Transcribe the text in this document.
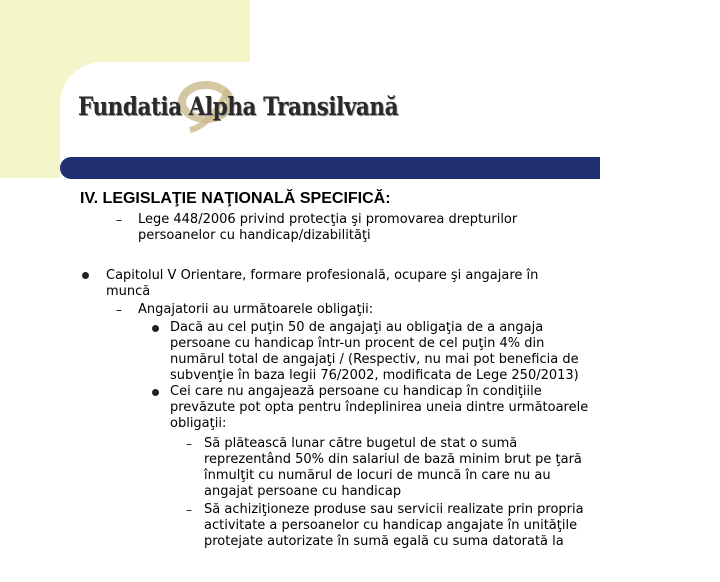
Fundatia Alpha Transilvană
IV. LEGISLAŢIE NAŢIONALĂ SPECIFICĂ:
– Lege 448/2006 privind protecţia şi promovarea drepturilor
persoanelor cu handicap/dizabilităţi
Capitolul V Orientare, formare profesională, ocupare şi angajare în
muncă
– Angajatorii au următoarele obligaţii:
Dacă au cel puţin 50 de angajaţi au obligaţia de a angaja
persoane cu handicap într-un procent de cel puţin 4% din
numărul total de angajaţi / (Respectiv, nu mai pot beneficia de
subvenţie în baza legii 76/2002, modificata de Lege 250/2013)
Cei care nu angajează persoane cu handicap în condiţiile
prevăzute pot opta pentru îndeplinirea uneia dintre următoarele
obligaţii:
– Să plătească lunar către bugetul de stat o sumă
reprezentând 50% din salariul de bază minim brut pe ţară
înmulţit cu numărul de locuri de muncă în care nu au
angajat persoane cu handicap
– Să achiziţioneze produse sau servicii realizate prin propria
activitate a persoanelor cu handicap angajate în unităţile
protejate autorizate în sumă egală cu suma datorată la
